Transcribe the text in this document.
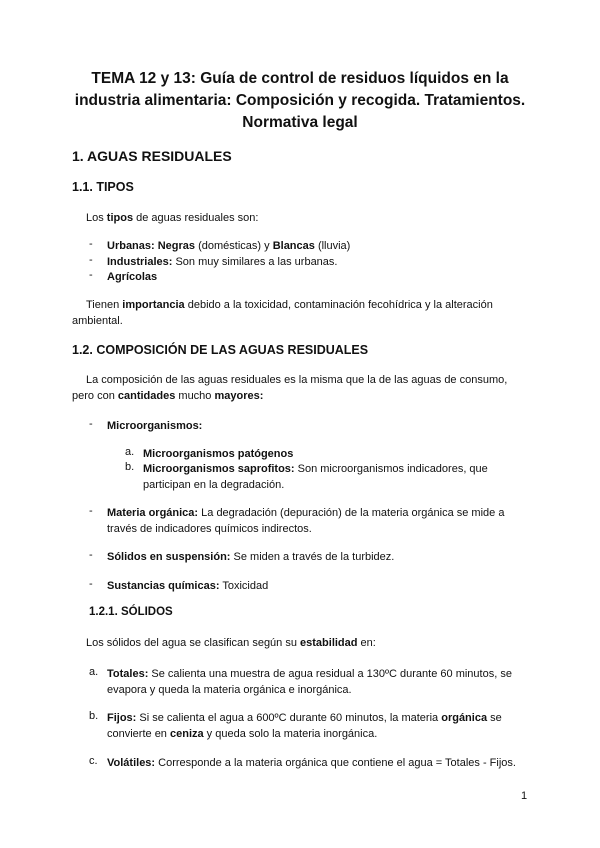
TEMA 12 y 13: Guía de control de residuos líquidos en la
industria alimentaria: Composición y recogida. Tratamientos.
Normativa legal
1. AGUAS RESIDUALES
1.1. TIPOS
Los tipos de aguas residuales son:
- Urbanas: Negras (domésticas) y Blancas (lluvia)
- Industriales: Son muy similares a las urbanas.
- Agrícolas
Tienen importancia debido a la toxicidad, contaminación fecohídrica y la alteración
ambiental.
1.2. COMPOSICIÓN DE LAS AGUAS RESIDUALES
La composición de las aguas residuales es la misma que la de las aguas de consumo,
pero con cantidades mucho mayores:
- Microorganismos:
a. Microorganismos patógenos
b. Microorganismos saprofitos: Son microorganismos indicadores, que
participan en la degradación.
- Materia orgánica: La degradación (depuración) de la materia orgánica se mide a
través de indicadores químicos indirectos.
- Sólidos en suspensión: Se miden a través de la turbidez.
- Sustancias químicas: Toxicidad
1.2.1. SÓLIDOS
Los sólidos del agua se clasifican según su estabilidad en:
a. Totales: Se calienta una muestra de agua residual a 130ºC durante 60 minutos, se
evapora y queda la materia orgánica e inorgánica.
b. Fijos: Si se calienta el agua a 600ºC durante 60 minutos, la materia orgánica se
convierte en ceniza y queda solo la materia inorgánica.
c. Volátiles: Corresponde a la materia orgánica que contiene el agua = Totales - Fijos.
1
